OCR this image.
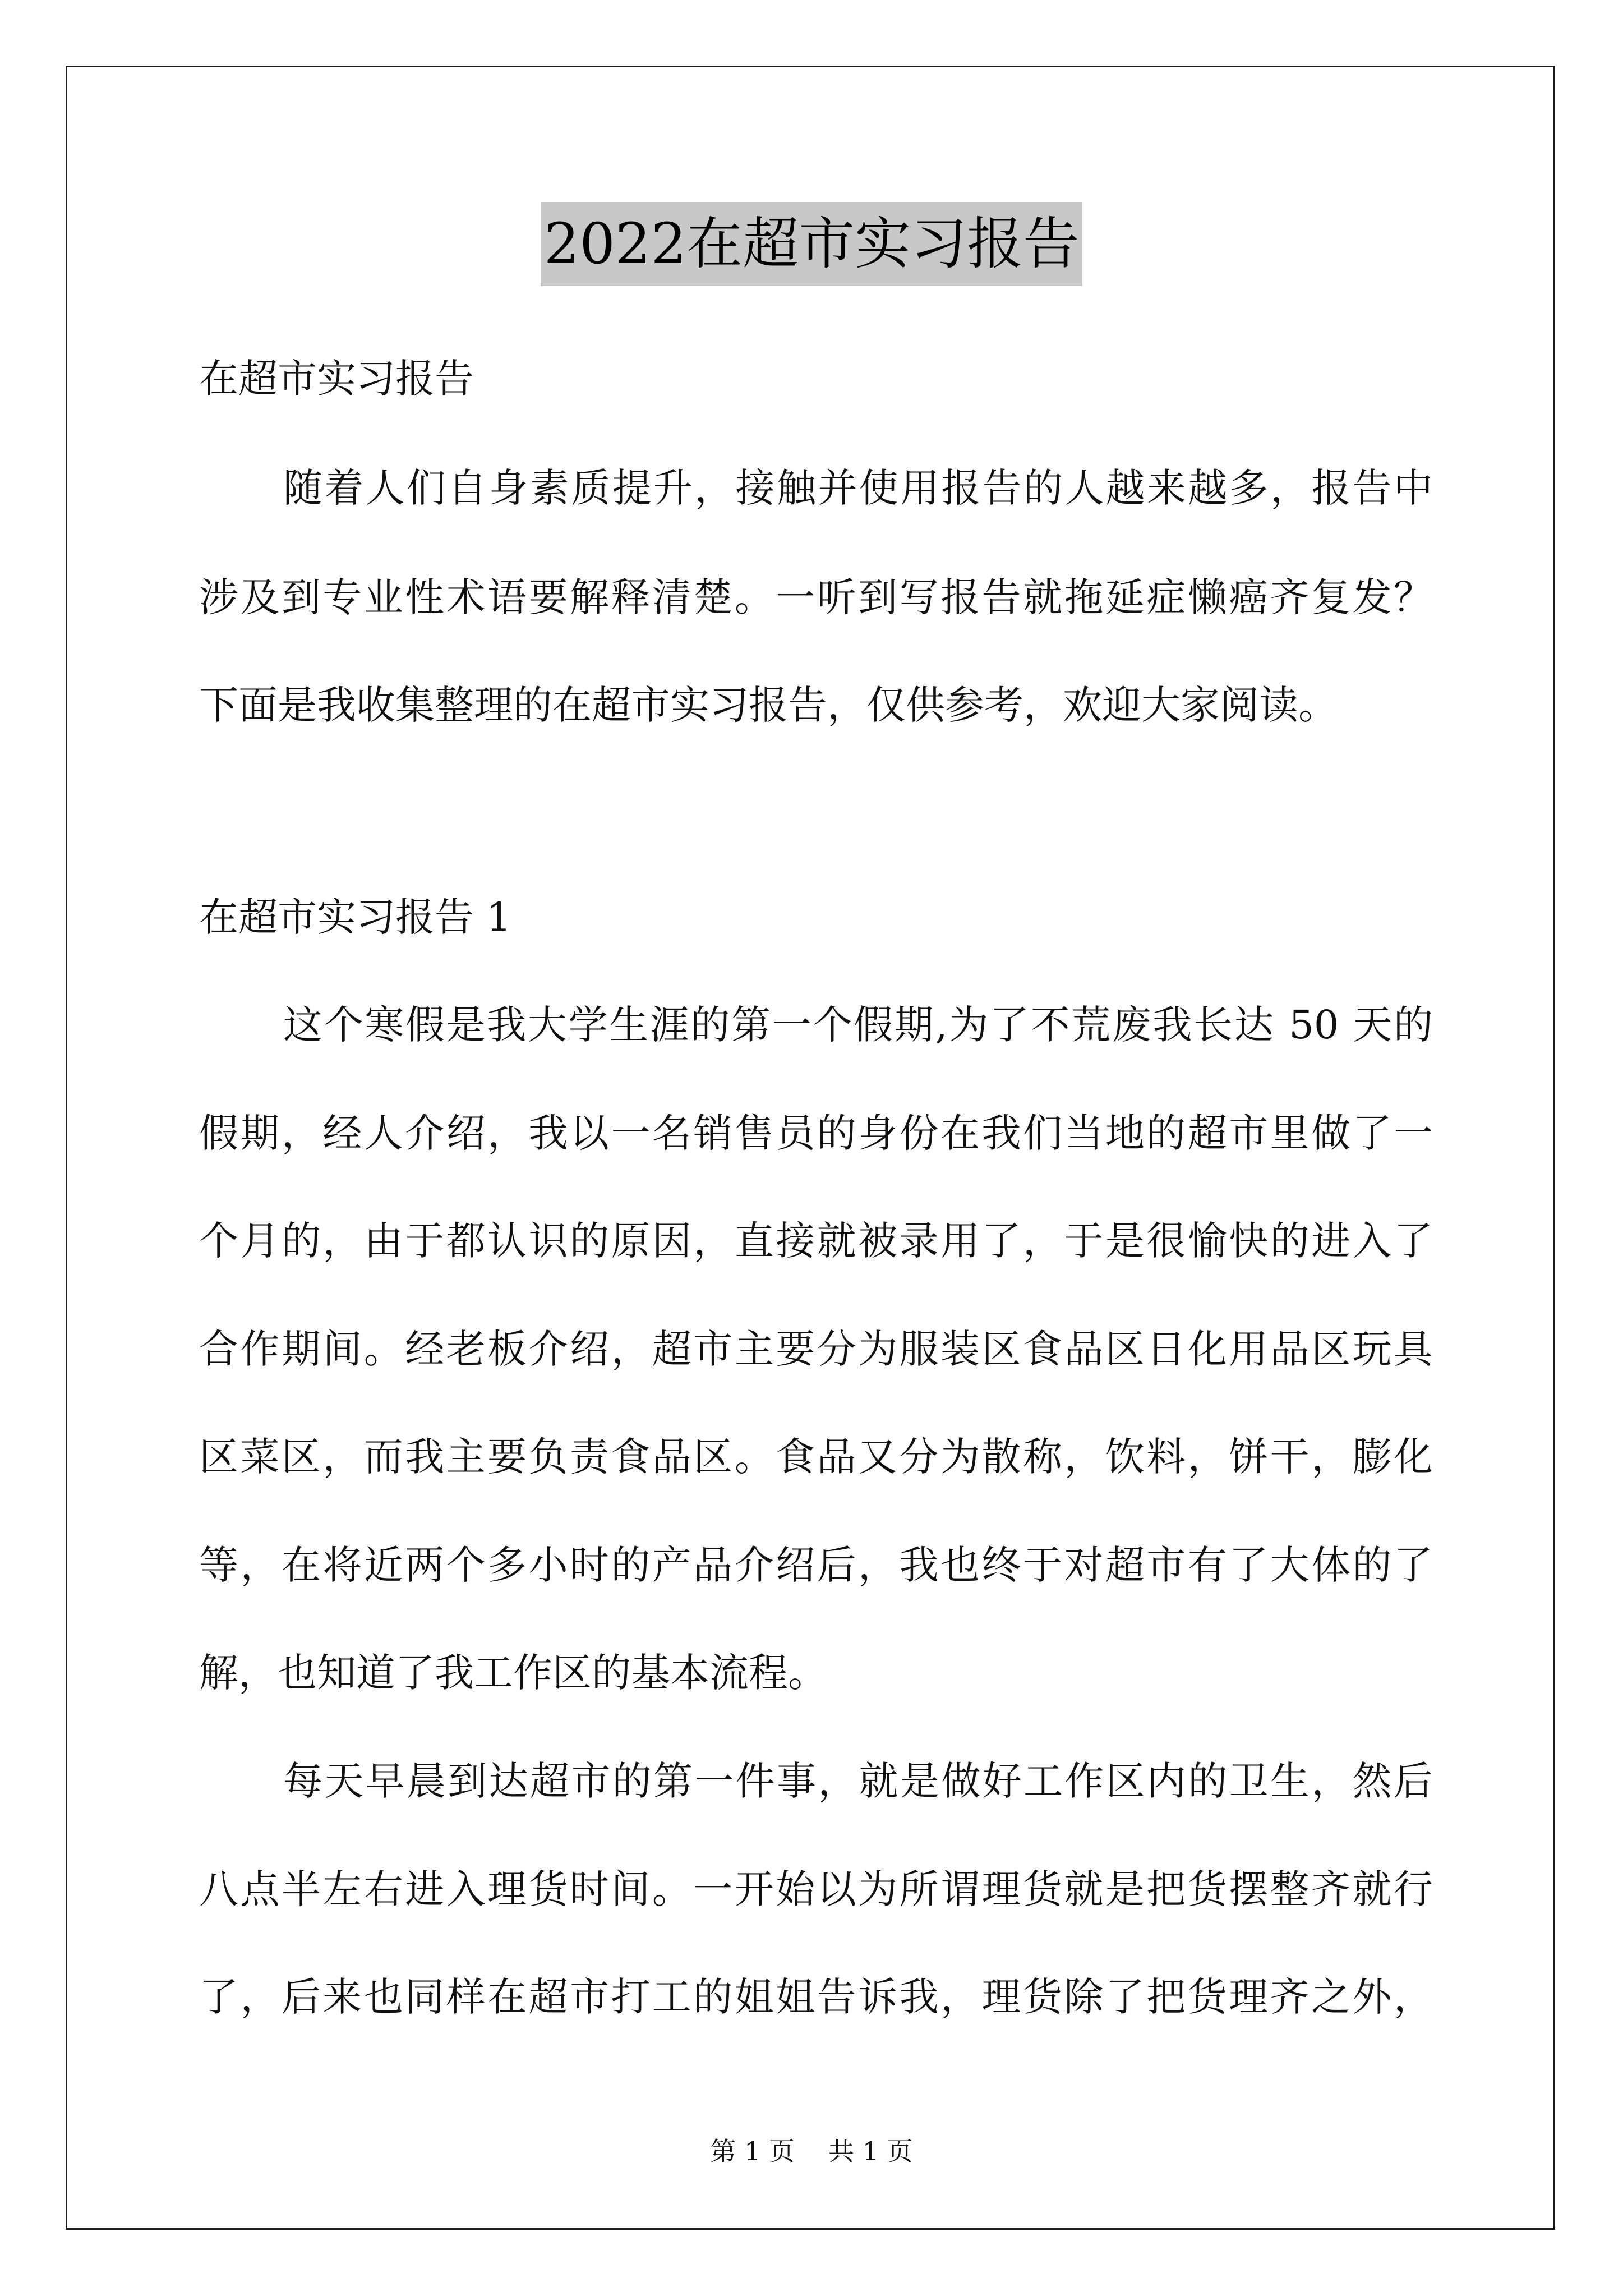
2022在超市实习报告
在超市实习报告
随着人们自身素质提升，接触并使用报告的人越来越多，报告中
涉及到专业性术语要解释清楚。一听到写报告就拖延症懒癌齐复发？
下面是我收集整理的在超市实习报告，仅供参考，欢迎大家阅读。
在超市实习报告 1
这个寒假是我大学生涯的第一个假期,为了不荒废我长达 50 天的
假期，经人介绍，我以一名销售员的身份在我们当地的超市里做了一
个月的，由于都认识的原因，直接就被录用了，于是很愉快的进入了
合作期间。经老板介绍，超市主要分为服装区食品区日化用品区玩具
区菜区，而我主要负责食品区。食品又分为散称，饮料，饼干，膨化
等，在将近两个多小时的产品介绍后，我也终于对超市有了大体的了
解，也知道了我工作区的基本流程。
每天早晨到达超市的第一件事，就是做好工作区内的卫生，然后
八点半左右进入理货时间。一开始以为所谓理货就是把货摆整齐就行
了，后来也同样在超市打工的姐姐告诉我，理货除了把货理齐之外，
第 1 页 共 1 页
